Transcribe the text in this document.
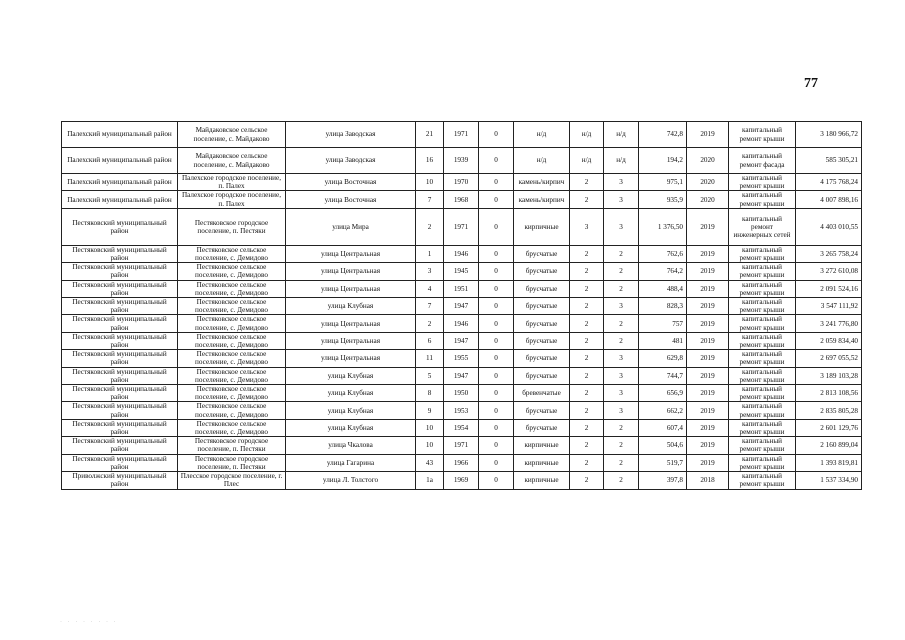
77
Палехский муниципальный район	Майдаковское сельское поселение, с. Майдаково	улица Заводская	21	1971	0	н/д	н/д	н/д	742,8	2019	капитальный ремонт крыши	3 180 966,72
Палехский муниципальный район	Майдаковское сельское поселение, с. Майдаково	улица Заводская	16	1939	0	н/д	н/д	н/д	194,2	2020	капитальный ремонт фасада	585 305,21
Палехский муниципальный район	Палехское городское поселение, п. Палех	улица Восточная	10	1970	0	камень/кирпич	2	3	975,1	2020	капитальный ремонт крыши	4 175 768,24
Палехский муниципальный район	Палехское городское поселение, п. Палех	улица Восточная	7	1968	0	камень/кирпич	2	3	935,9	2020	капитальный ремонт крыши	4 007 898,16
Пестяковский муниципальный район	Пестяковское городское поселение, п. Пестяки	улица Мира	2	1971	0	кирпичные	3	3	1 376,50	2019	капитальный ремонт инженерных сетей	4 403 010,55
Пестяковский муниципальный район	Пестяковское сельское поселение, с. Демидово	улица Центральная	1	1946	0	брусчатые	2	2	762,6	2019	капитальный ремонт крыши	3 265 758,24
Пестяковский муниципальный район	Пестяковское сельское поселение, с. Демидово	улица Центральная	3	1945	0	брусчатые	2	2	764,2	2019	капитальный ремонт крыши	3 272 610,08
Пестяковский муниципальный район	Пестяковское сельское поселение, с. Демидово	улица Центральная	4	1951	0	брусчатые	2	2	488,4	2019	капитальный ремонт крыши	2 091 524,16
Пестяковский муниципальный район	Пестяковское сельское поселение, с. Демидово	улица Клубная	7	1947	0	брусчатые	2	3	828,3	2019	капитальный ремонт крыши	3 547 111,92
Пестяковский муниципальный район	Пестяковское сельское поселение, с. Демидово	улица Центральная	2	1946	0	брусчатые	2	2	757	2019	капитальный ремонт крыши	3 241 776,80
Пестяковский муниципальный район	Пестяковское сельское поселение, с. Демидово	улица Центральная	6	1947	0	брусчатые	2	2	481	2019	капитальный ремонт крыши	2 059 834,40
Пестяковский муниципальный район	Пестяковское сельское поселение, с. Демидово	улица Центральная	11	1955	0	брусчатые	2	3	629,8	2019	капитальный ремонт крыши	2 697 055,52
Пестяковский муниципальный район	Пестяковское сельское поселение, с. Демидово	улица Клубная	5	1947	0	брусчатые	2	3	744,7	2019	капитальный ремонт крыши	3 189 103,28
Пестяковский муниципальный район	Пестяковское сельское поселение, с. Демидово	улица Клубная	8	1950	0	бревенчатые	2	3	656,9	2019	капитальный ремонт крыши	2 813 108,56
Пестяковский муниципальный район	Пестяковское сельское поселение, с. Демидово	улица Клубная	9	1953	0	брусчатые	2	3	662,2	2019	капитальный ремонт крыши	2 835 805,28
Пестяковский муниципальный район	Пестяковское сельское поселение, с. Демидово	улица Клубная	10	1954	0	брусчатые	2	2	607,4	2019	капитальный ремонт крыши	2 601 129,76
Пестяковский муниципальный район	Пестяковское городское поселение, п. Пестяки	улица Чкалова	10	1971	0	кирпичные	2	2	504,6	2019	капитальный ремонт крыши	2 160 899,04
Пестяковский муниципальный район	Пестяковское городское поселение, п. Пестяки	улица Гагарина	43	1966	0	кирпичные	2	2	519,7	2019	капитальный ремонт крыши	1 393 819,81
Приволжский муниципальный район	Плесское городское поселение, г. Плес	улица Л. Толстого	1а	1969	0	кирпичные	2	2	397,8	2018	капитальный ремонт крыши	1 537 334,90
· · · · · · · ·
